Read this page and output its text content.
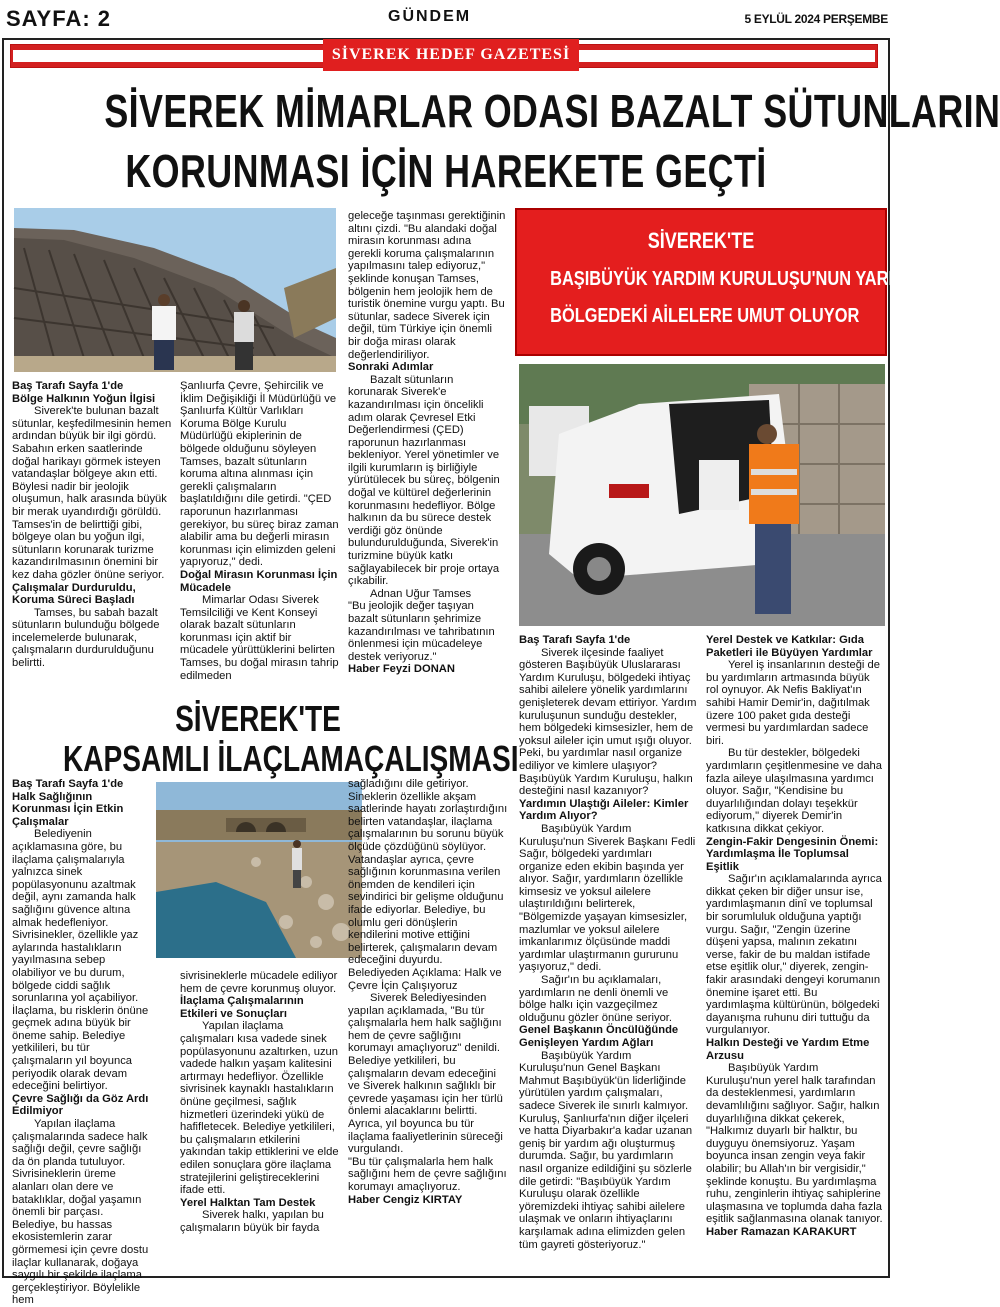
SAYFA: 2	GÜNDEM	5 EYLÜL 2024 PERŞEMBE
SİVEREK HEDEF GAZETESİ
SİVEREK MİMARLAR ODASI BAZALT SÜTUNLARIN
KORUNMASI İÇİN HAREKETE GEÇTİ

Baş Tarafı Sayfa 1'de

Bölge Halkının Yoğun İlgisi

Siverek'te bulunan bazalt sütunlar, keşfedilmesinin hemen ardından büyük bir ilgi gördü. Sabahın erken saatlerinde doğal harikayı görmek isteyen vatandaşlar bölgeye akın etti. Böylesi nadir bir jeolojik oluşumun, halk arasında büyük bir merak uyandırdığı görüldü. Tamses'in de belirttiği gibi, bölgeye olan bu yoğun ilgi, sütunların korunarak turizme kazandırılmasının önemini bir kez daha gözler önüne seriyor.

Çalışmalar Durduruldu, Koruma Süreci Başladı

Tamses, bu sabah bazalt sütunların bulunduğu bölgede incelemelerde bulunarak, çalışmaların durdurulduğunu belirtti.

Şanlıurfa Çevre, Şehircilik ve İklim Değişikliği İl Müdürlüğü ve Şanlıurfa Kültür Varlıkları Koruma Bölge Kurulu Müdürlüğü ekiplerinin de bölgede olduğunu söyleyen Tamses, bazalt sütunların koruma altına alınması için gerekli çalışmaların başlatıldığını dile getirdi. "ÇED raporunun hazırlanması gerekiyor, bu süreç biraz zaman alabilir ama bu değerli mirasın korunması için elimizden geleni yapıyoruz," dedi.

Doğal Mirasın Korunması İçin Mücadele

Mimarlar Odası Siverek Temsilciliği ve Kent Konseyi olarak bazalt sütunların korunması için aktif bir mücadele yürüttüklerini belirten Tamses, bu doğal mirasın tahrip edilmeden

geleceğe taşınması gerektiğinin altını çizdi. "Bu alandaki doğal mirasın korunması adına gerekli koruma çalışmalarının yapılmasını talep ediyoruz," şeklinde konuşan Tamses, bölgenin hem jeolojik hem de turistik önemine vurgu yaptı. Bu sütunlar, sadece Siverek için değil, tüm Türkiye için önemli bir doğa mirası olarak değerlendiriliyor.

Sonraki Adımlar

Bazalt sütunların korunarak Siverek'e kazandırılması için öncelikli adım olarak Çevresel Etki Değerlendirmesi (ÇED) raporunun hazırlanması bekleniyor. Yerel yönetimler ve ilgili kurumların iş birliğiyle yürütülecek bu süreç, bölgenin doğal ve kültürel değerlerinin korunmasını hedefliyor. Bölge halkının da bu sürece destek verdiği göz önünde bulundurulduğunda, Siverek'in turizmine büyük katkı sağlayabilecek bir proje ortaya çıkabilir.

Adnan Uğur Tamses

"Bu jeolojik değer taşıyan bazalt sütunların şehrimize kazandırılması ve tahribatının önlenmesi için mücadeleye destek veriyoruz."

Haber Feyzi DONAN

SİVEREK'TE
BAŞIBÜYÜK YARDIM KURULUŞU'NUN YARDIMLARI
BÖLGEDEKİ AİLELERE UMUT OLUYOR

Baş Tarafı Sayfa 1'de

Siverek ilçesinde faaliyet gösteren Başıbüyük Uluslararası Yardım Kuruluşu, bölgedeki ihtiyaç sahibi ailelere yönelik yardımlarını genişleterek devam ettiriyor. Yardım kuruluşunun sunduğu destekler, hem bölgedeki kimsesizler, hem de yoksul aileler için umut ışığı oluyor. Peki, bu yardımlar nasıl organize ediliyor ve kimlere ulaşıyor? Başıbüyük Yardım Kuruluşu, halkın desteğini nasıl kazanıyor?

Yardımın Ulaştığı Aileler: Kimler Yardım Alıyor?

Başıbüyük Yardım Kuruluşu'nun Siverek Başkanı Fedli Sağır, bölgedeki yardımları organize eden ekibin başında yer alıyor. Sağır, yardımların özellikle kimsesiz ve yoksul ailelere ulaştırıldığını belirterek, "Bölgemizde yaşayan kimsesizler, mazlumlar ve yoksul ailelere imkanlarımız ölçüsünde maddi yardımlar ulaştırmanın gururunu yaşıyoruz," dedi.

Sağır'ın bu açıklamaları, yardımların ne denli önemli ve bölge halkı için vazgeçilmez olduğunu gözler önüne seriyor.

Genel Başkanın Öncülüğünde Genişleyen Yardım Ağları

Başıbüyük Yardım Kuruluşu'nun Genel Başkanı Mahmut Başıbüyük'ün liderliğinde yürütülen yardım çalışmaları, sadece Siverek ile sınırlı kalmıyor. Kuruluş, Şanlıurfa'nın diğer ilçeleri ve hatta Diyarbakır'a kadar uzanan geniş bir yardım ağı oluşturmuş durumda. Sağır, bu yardımların nasıl organize edildiğini şu sözlerle dile getirdi: "Başıbüyük Yardım Kuruluşu olarak özellikle yöremizdeki ihtiyaç sahibi ailelere ulaşmak ve onların ihtiyaçlarını karşılamak adına elimizden gelen tüm gayreti gösteriyoruz."

Yerel Destek ve Katkılar: Gıda Paketleri ile Büyüyen Yardımlar

Yerel iş insanlarının desteği de bu yardımların artmasında büyük rol oynuyor. Ak Nefis Bakliyat'ın sahibi Hamir Demir'in, dağıtılmak üzere 100 paket gıda desteği vermesi bu yardımlardan sadece biri.

Bu tür destekler, bölgedeki yardımların çeşitlenmesine ve daha fazla aileye ulaşılmasına yardımcı oluyor. Sağır, "Kendisine bu duyarlılığından dolayı teşekkür ediyorum," diyerek Demir'in katkısına dikkat çekiyor.

Zengin-Fakir Dengesinin Önemi: Yardımlaşma İle Toplumsal Eşitlik

Sağır'ın açıklamalarında ayrıca dikkat çeken bir diğer unsur ise, yardımlaşmanın dinî ve toplumsal bir sorumluluk olduğuna yaptığı vurgu. Sağır, "Zengin üzerine düşeni yapsa, malının zekatını verse, fakir de bu maldan istifade etse eşitlik olur," diyerek, zengin-fakir arasındaki dengeyi korumanın önemine işaret etti. Bu yardımlaşma kültürünün, bölgedeki dayanışma ruhunu diri tuttuğu da vurgulanıyor.

Halkın Desteği ve Yardım Etme Arzusu

Başıbüyük Yardım Kuruluşu'nun yerel halk tarafından da desteklenmesi, yardımların devamlılığını sağlıyor. Sağır, halkın duyarlılığına dikkat çekerek, "Halkımız duyarlı bir halktır, bu duyguyu önemsiyoruz. Yaşam boyunca insan zengin veya fakir olabilir; bu Allah'ın bir vergisidir," şeklinde konuştu. Bu yardımlaşma ruhu, zenginlerin ihtiyaç sahiplerine ulaşmasına ve toplumda daha fazla eşitlik sağlanmasına olanak tanıyor.

Haber Ramazan KARAKURT

SİVEREK'TE
KAPSAMLI İLAÇLAMAÇALIŞMASI

Baş Tarafı Sayfa 1'de

Halk Sağlığının Korunması İçin Etkin Çalışmalar

Belediyenin açıklamasına göre, bu ilaçlama çalışmalarıyla yalnızca sinek popülasyonunu azaltmak değil, aynı zamanda halk sağlığını güvence altına almak hedefleniyor. Sivrisinekler, özellikle yaz aylarında hastalıkların yayılmasına sebep olabiliyor ve bu durum, bölgede ciddi sağlık sorunlarına yol açabiliyor. İlaçlama, bu risklerin önüne geçmek adına büyük bir öneme sahip. Belediye yetkilileri, bu tür çalışmaların yıl boyunca periyodik olarak devam edeceğini belirtiyor.

Çevre Sağlığı da Göz Ardı Edilmiyor

Yapılan ilaçlama çalışmalarında sadece halk sağlığı değil, çevre sağlığı da ön planda tutuluyor. Sivrisineklerin üreme alanları olan dere ve bataklıklar, doğal yaşamın önemli bir parçası. Belediye, bu hassas ekosistemlerin zarar görmemesi için çevre dostu ilaçlar kullanarak, doğaya saygılı bir şekilde ilaçlama gerçekleştiriyor. Böylelikle hem

sivrisineklerle mücadele ediliyor hem de çevre korunmuş oluyor.

İlaçlama Çalışmalarının Etkileri ve Sonuçları

Yapılan ilaçlama çalışmaları kısa vadede sinek popülasyonunu azaltırken, uzun vadede halkın yaşam kalitesini artırmayı hedefliyor. Özellikle sivrisinek kaynaklı hastalıkların önüne geçilmesi, sağlık hizmetleri üzerindeki yükü de hafifletecek. Belediye yetkilileri, bu çalışmaların etkilerini yakından takip ettiklerini ve elde edilen sonuçlara göre ilaçlama stratejilerini geliştireceklerini ifade etti.

Yerel Halktan Tam Destek

Siverek halkı, yapılan bu çalışmaların büyük bir fayda

sağladığını dile getiriyor. Sineklerin özellikle akşam saatlerinde hayatı zorlaştırdığını belirten vatandaşlar, ilaçlama çalışmalarının bu sorunu büyük ölçüde çözdüğünü söylüyor. Vatandaşlar ayrıca, çevre sağlığının korunmasına verilen önemden de kendileri için sevindirici bir gelişme olduğunu ifade ediyorlar. Belediye, bu olumlu geri dönüşlerin kendilerini motive ettiğini belirterek, çalışmaların devam edeceğini duyurdu.

Belediyeden Açıklama: Halk ve Çevre İçin Çalışıyoruz

Siverek Belediyesinden yapılan açıklamada, "Bu tür çalışmalarla hem halk sağlığını hem de çevre sağlığını korumayı amaçlıyoruz" denildi. Belediye yetkilileri, bu çalışmaların devam edeceğini ve Siverek halkının sağlıklı bir çevrede yaşaması için her türlü önlemi alacaklarını belirtti. Ayrıca, yıl boyunca bu tür ilaçlama faaliyetlerinin süreceği vurgulandı.

"Bu tür çalışmalarla hem halk sağlığını hem de çevre sağlığını korumayı amaçlıyoruz.

Haber Cengiz KIRTAY
